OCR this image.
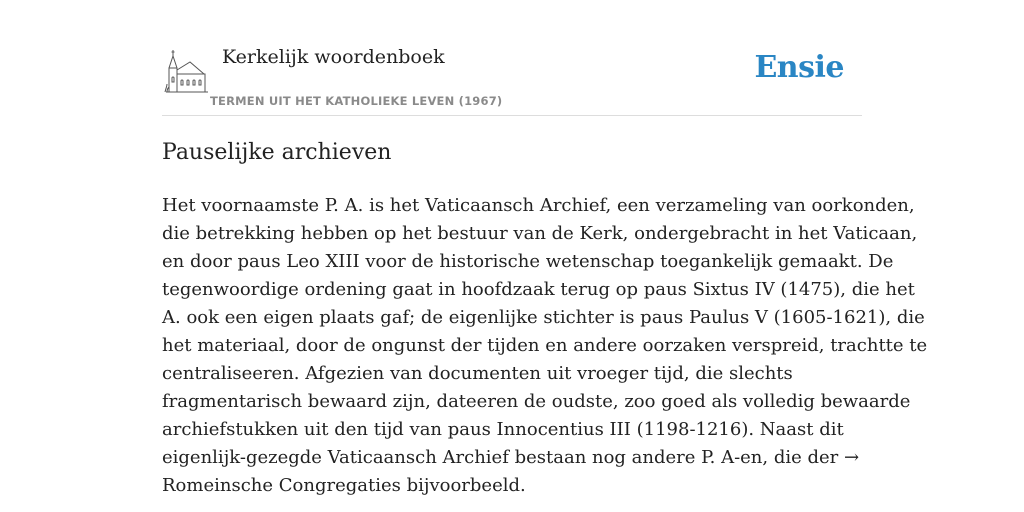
Kerkelijk woordenboek
TERMEN UIT HET KATHOLIEKE LEVEN (1967)
Ensie
Pauselijke archieven
Het voornaamste P. A. is het Vaticaansch Archief, een verzameling van oorkonden,
die betrekking hebben op het bestuur van de Kerk, ondergebracht in het Vaticaan,
en door paus Leo XIII voor de historische wetenschap toegankelijk gemaakt. De
tegenwoordige ordening gaat in hoofdzaak terug op paus Sixtus IV (1475), die het
A. ook een eigen plaats gaf; de eigenlijke stichter is paus Paulus V (1605-1621), die
het materiaal, door de ongunst der tijden en andere oorzaken verspreid, trachtte te
centraliseeren. Afgezien van documenten uit vroeger tijd, die slechts
fragmentarisch bewaard zijn, dateeren de oudste, zoo goed als volledig bewaarde
archiefstukken uit den tijd van paus Innocentius III (1198-1216). Naast dit
eigenlijk-gezegde Vaticaansch Archief bestaan nog andere P. A-en, die der →
Romeinsche Congregaties bijvoorbeeld.
